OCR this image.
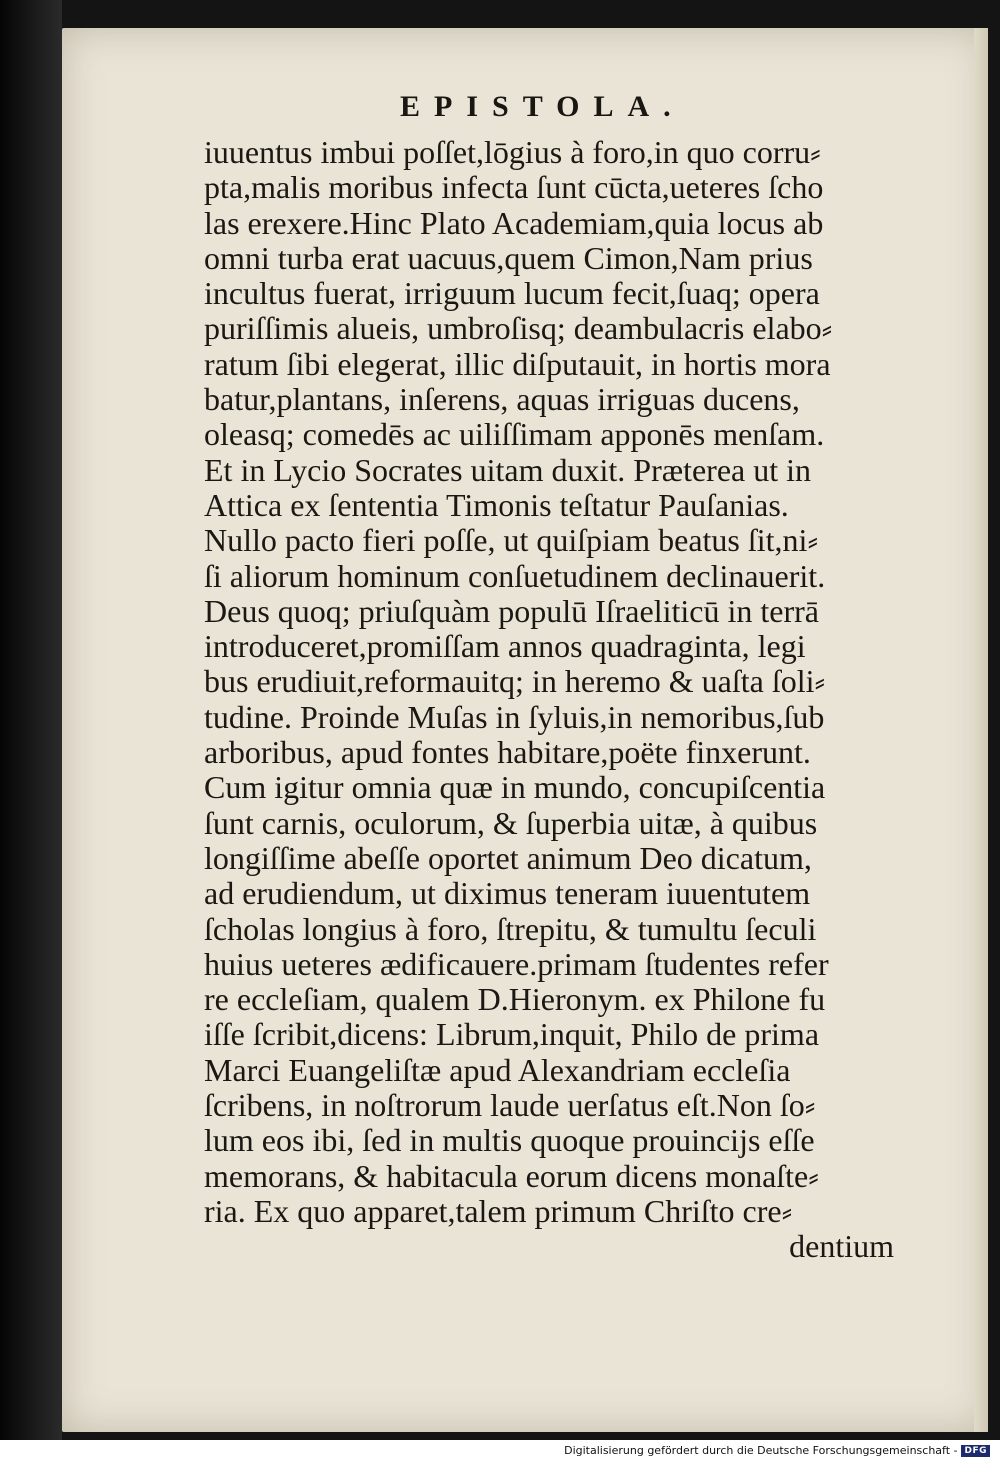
EPISTOLA.
iuuentus imbui poſſet,lōgius à foro,in quo corru⸗
pta,malis moribus infecta ſunt cūcta,ueteres ſcho
las erexere.Hinc Plato Academiam,quia locus ab
omni turba erat uacuus,quem Cimon,Nam prius
incultus fuerat, irriguum lucum fecit,ſuaq; opera
puriſſimis alueis, umbroſisq; deambulacris elabo⸗
ratum ſibi elegerat, illic diſputauit, in hortis mora
batur,plantans, inſerens, aquas irriguas ducens,
oleasq; comedēs ac uiliſſimam apponēs menſam.
Et in Lycio Socrates uitam duxit. Præterea ut in
Attica ex ſententia Timonis teſtatur Pauſanias.
Nullo pacto fieri poſſe, ut quiſpiam beatus ſit,ni⸗
ſi aliorum hominum conſuetudinem declinauerit.
Deus quoq; priuſquàm populū Iſraeliticū in terrā
introduceret,promiſſam annos quadraginta, legi
bus erudiuit,reformauitq; in heremo & uaſta ſoli⸗
tudine. Proinde Muſas in ſyluis,in nemoribus,ſub
arboribus, apud fontes habitare,poëte finxerunt.
Cum igitur omnia quæ in mundo, concupiſcentia
ſunt carnis, oculorum, & ſuperbia uitæ, à quibus
longiſſime abeſſe oportet animum Deo dicatum,
ad erudiendum, ut diximus teneram iuuentutem
ſcholas longius à foro, ſtrepitu, & tumultu ſeculi
huius ueteres ædificauere.primam ſtudentes refer
re eccleſiam, qualem D.Hieronym. ex Philone fu
iſſe ſcribit,dicens: Librum,inquit, Philo de prima
Marci Euangeliſtæ apud Alexandriam eccleſia
ſcribens, in noſtrorum laude uerſatus eſt.Non ſo⸗
lum eos ibi, ſed in multis quoque prouincijs eſſe
memorans, & habitacula eorum dicens monaſte⸗
ria. Ex quo apparet,talem primum Chriſto cre⸗
dentium
Digitalisierung gefördert durch die Deutsche Forschungsgemeinschaft - DFG
